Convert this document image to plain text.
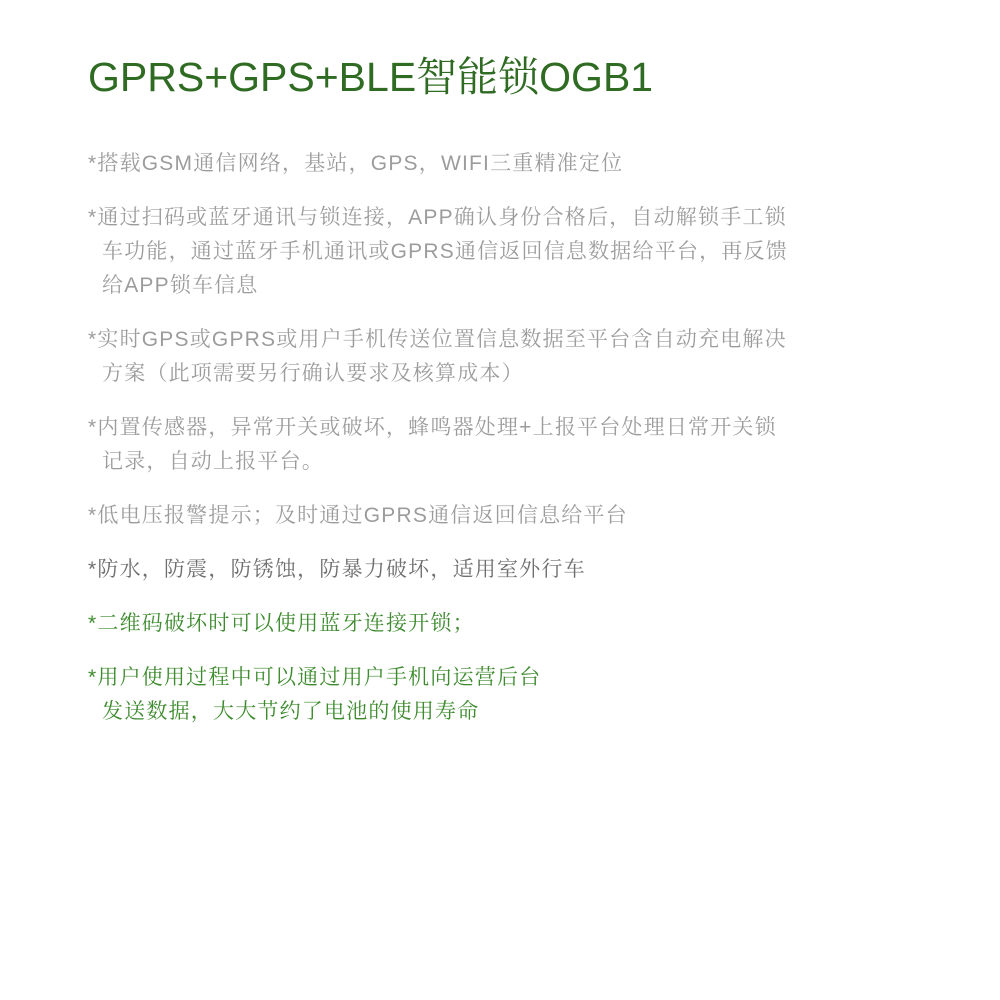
GPRS+GPS+BLE智能锁OGB1

*搭载GSM通信网络，基站，GPS，WIFI三重精准定位

*通过扫码或蓝牙通讯与锁连接，APP确认身份合格后，自动解锁手工锁
车功能，通过蓝牙手机通讯或GPRS通信返回信息数据给平台，再反馈
给APP锁车信息

*实时GPS或GPRS或用户手机传送位置信息数据至平台含自动充电解决
方案（此项需要另行确认要求及核算成本）

*内置传感器，异常开关或破坏，蜂鸣器处理+上报平台处理日常开关锁
记录，自动上报平台。

*低电压报警提示；及时通过GPRS通信返回信息给平台

*防水，防震，防锈蚀，防暴力破坏，适用室外行车

*二维码破坏时可以使用蓝牙连接开锁；

*用户使用过程中可以通过用户手机向运营后台
发送数据，大大节约了电池的使用寿命
